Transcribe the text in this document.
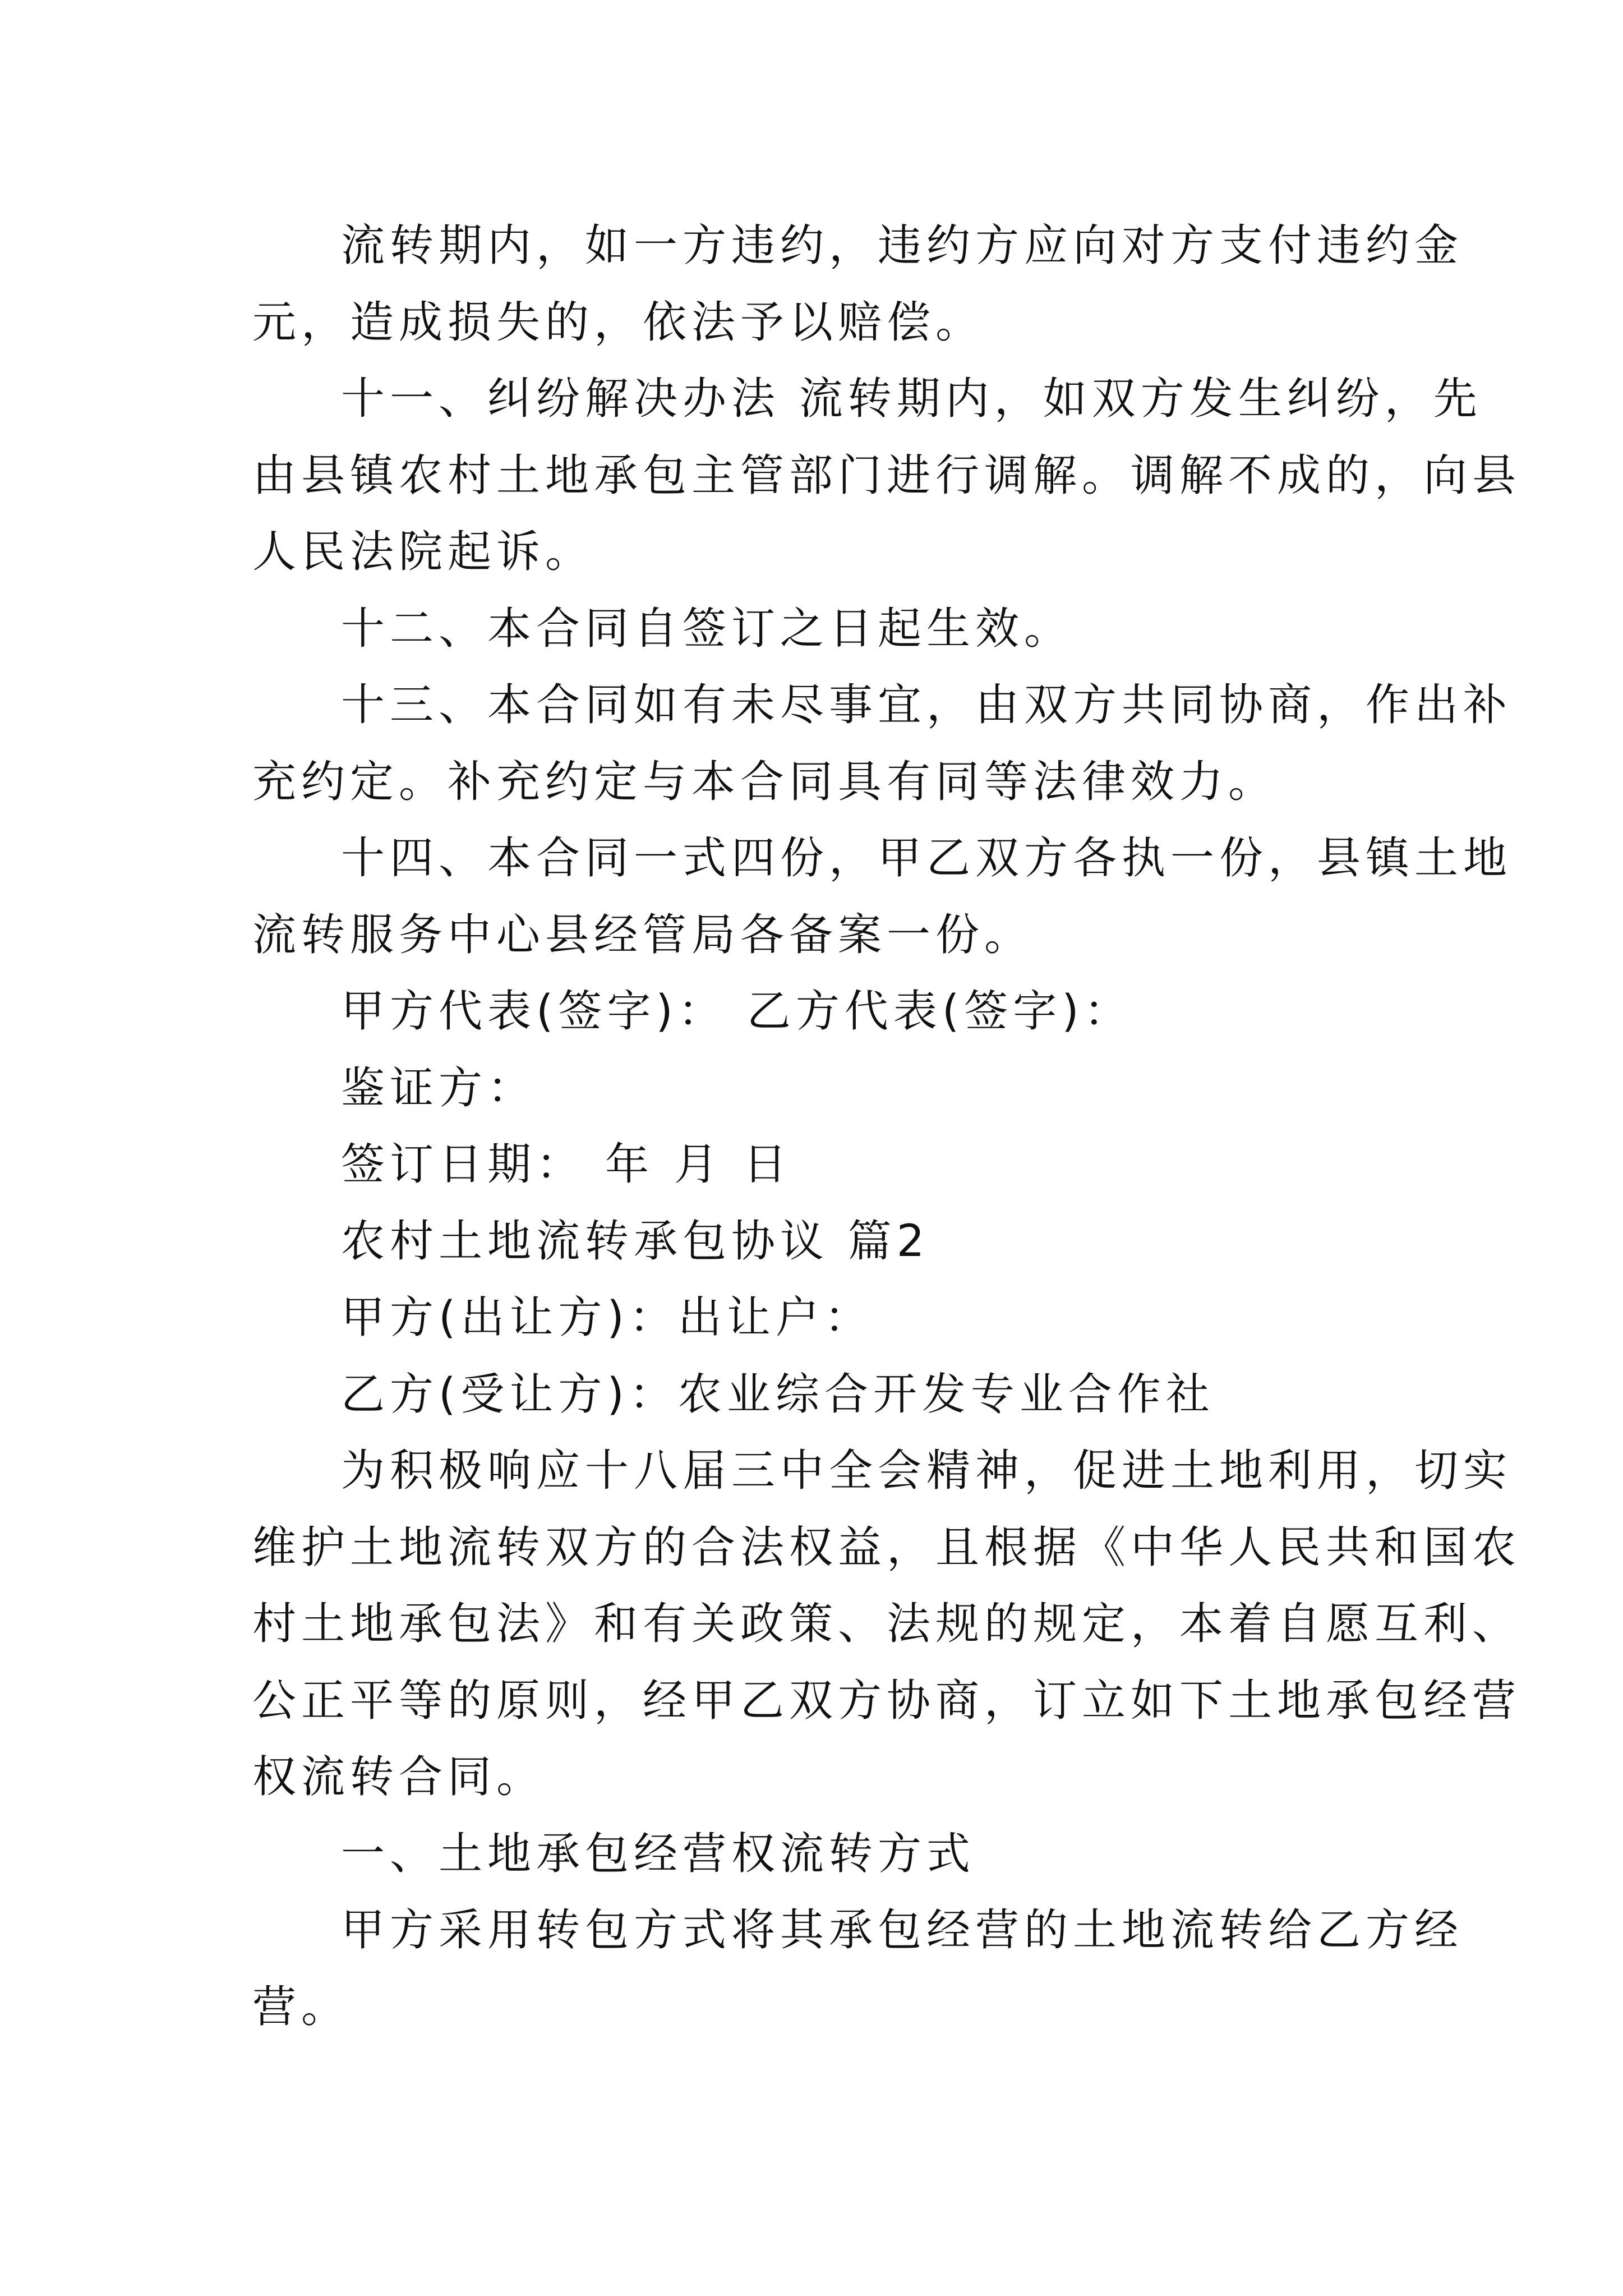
流转期内，如一方违约，违约方应向对方支付违约金

元，造成损失的，依法予以赔偿。

十一、纠纷解决办法 流转期内，如双方发生纠纷，先

由县镇农村土地承包主管部门进行调解。调解不成的，向县

人民法院起诉。

十二、本合同自签订之日起生效。

十三、本合同如有未尽事宜，由双方共同协商，作出补

充约定。补充约定与本合同具有同等法律效力。

十四、本合同一式四份，甲乙双方各执一份，县镇土地

流转服务中心县经管局各备案一份。

甲方代表(签字)： 乙方代表(签字)：

鉴证方：

签订日期： 年 月 日

农村土地流转承包协议 篇2

甲方(出让方)：出让户：

乙方(受让方)：农业综合开发专业合作社

为积极响应十八届三中全会精神，促进土地利用，切实

维护土地流转双方的合法权益，且根据《中华人民共和国农

村土地承包法》和有关政策、法规的规定，本着自愿互利、

公正平等的原则，经甲乙双方协商，订立如下土地承包经营

权流转合同。

一、土地承包经营权流转方式

甲方采用转包方式将其承包经营的土地流转给乙方经

营。
